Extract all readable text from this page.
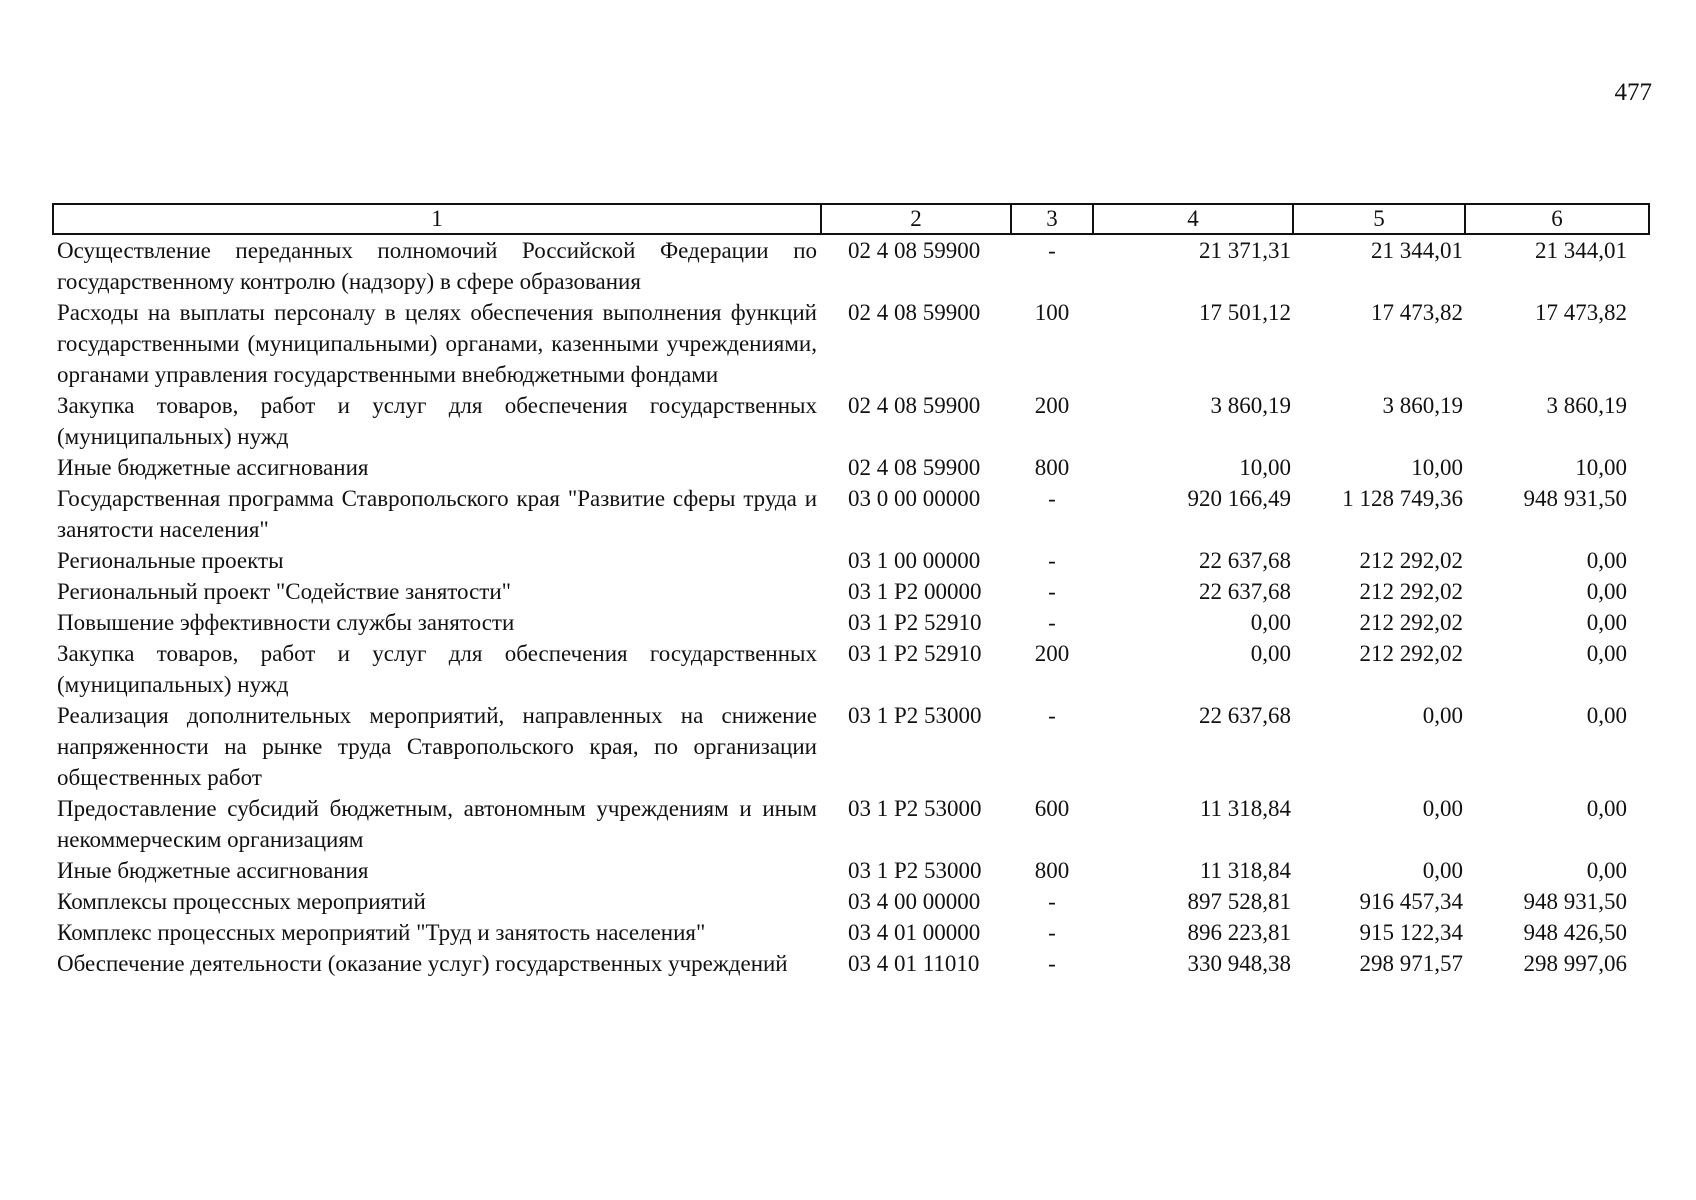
477
1	2	3	4	5	6
Осуществление переданных полномочий Российской Федерации по государственному контролю (надзору) в сфере образования	02 4 08 59900	-	21 371,31	21 344,01	21 344,01
Расходы на выплаты персоналу в целях обеспечения выполнения функций государственными (муниципальными) органами, казенными учреждениями, органами управления государственными внебюджетными фондами	02 4 08 59900	100	17 501,12	17 473,82	17 473,82
Закупка товаров, работ и услуг для обеспечения государственных (муниципальных) нужд	02 4 08 59900	200	3 860,19	3 860,19	3 860,19
Иные бюджетные ассигнования	02 4 08 59900	800	10,00	10,00	10,00
Государственная программа Ставропольского края "Развитие сферы труда и занятости населения"	03 0 00 00000	-	920 166,49	1 128 749,36	948 931,50
Региональные проекты	03 1 00 00000	-	22 637,68	212 292,02	0,00
Региональный проект "Содействие занятости"	03 1 P2 00000	-	22 637,68	212 292,02	0,00
Повышение эффективности службы занятости	03 1 P2 52910	-	0,00	212 292,02	0,00
Закупка товаров, работ и услуг для обеспечения государственных (муниципальных) нужд	03 1 P2 52910	200	0,00	212 292,02	0,00
Реализация дополнительных мероприятий, направленных на снижение напряженности на рынке труда Ставропольского края, по организации общественных работ	03 1 P2 53000	-	22 637,68	0,00	0,00
Предоставление субсидий бюджетным, автономным учреждениям и иным некоммерческим организациям	03 1 P2 53000	600	11 318,84	0,00	0,00
Иные бюджетные ассигнования	03 1 P2 53000	800	11 318,84	0,00	0,00
Комплексы процессных мероприятий	03 4 00 00000	-	897 528,81	916 457,34	948 931,50
Комплекс процессных мероприятий "Труд и занятость населения"	03 4 01 00000	-	896 223,81	915 122,34	948 426,50
Обеспечение деятельности (оказание услуг) государственных учреждений	03 4 01 11010	-	330 948,38	298 971,57	298 997,06
